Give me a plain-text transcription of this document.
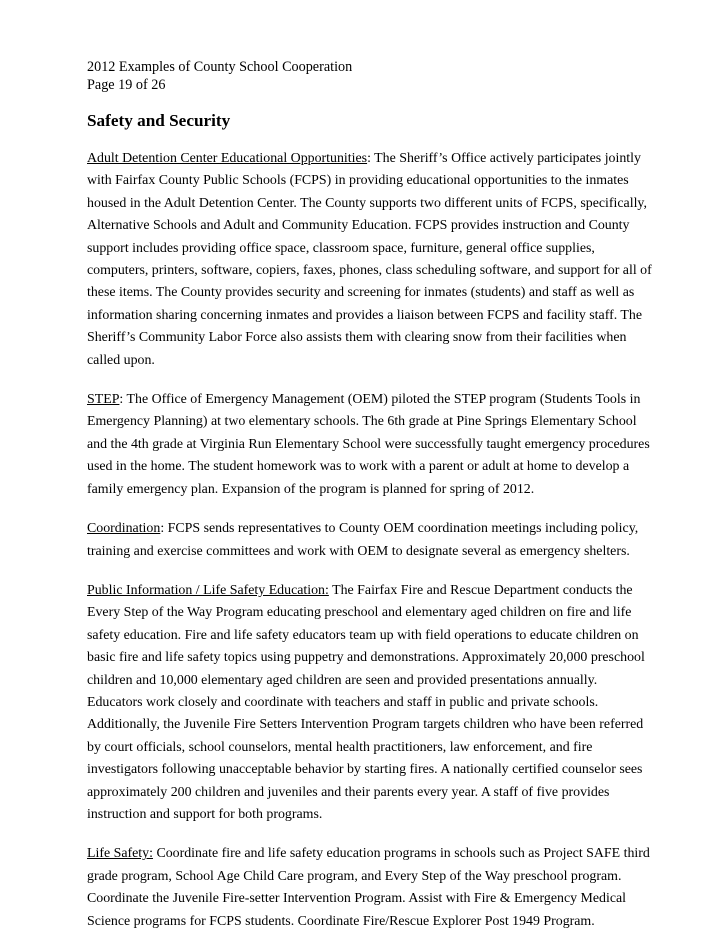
2012 Examples of County School Cooperation
Page 19 of 26
Safety and Security

Adult Detention Center Educational Opportunities: The Sheriff’s Office actively participates jointly with Fairfax County Public Schools (FCPS) in providing educational opportunities to the inmates housed in the Adult Detention Center. The County supports two different units of FCPS, specifically, Alternative Schools and Adult and Community Education. FCPS provides instruction and County support includes providing office space, classroom space, furniture, general office supplies, computers, printers, software, copiers, faxes, phones, class scheduling software, and support for all of these items. The County provides security and screening for inmates (students) and staff as well as information sharing concerning inmates and provides a liaison between FCPS and facility staff. The Sheriff’s Community Labor Force also assists them with clearing snow from their facilities when called upon.

STEP: The Office of Emergency Management (OEM) piloted the STEP program (Students Tools in Emergency Planning) at two elementary schools. The 6th grade at Pine Springs Elementary School and the 4th grade at Virginia Run Elementary School were successfully taught emergency procedures used in the home. The student homework was to work with a parent or adult at home to develop a family emergency plan. Expansion of the program is planned for spring of 2012.

Coordination: FCPS sends representatives to County OEM coordination meetings including policy, training and exercise committees and work with OEM to designate several as emergency shelters.

Public Information / Life Safety Education: The Fairfax Fire and Rescue Department conducts the Every Step of the Way Program educating preschool and elementary aged children on fire and life safety education. Fire and life safety educators team up with field operations to educate children on basic fire and life safety topics using puppetry and demonstrations. Approximately 20,000 preschool children and 10,000 elementary aged children are seen and provided presentations annually. Educators work closely and coordinate with teachers and staff in public and private schools. Additionally, the Juvenile Fire Setters Intervention Program targets children who have been referred by court officials, school counselors, mental health practitioners, law enforcement, and fire investigators following unacceptable behavior by starting fires. A nationally certified counselor sees approximately 200 children and juveniles and their parents every year. A staff of five provides instruction and support for both programs.

Life Safety: Coordinate fire and life safety education programs in schools such as Project SAFE third grade program, School Age Child Care program, and Every Step of the Way preschool program. Coordinate the Juvenile Fire-setter Intervention Program. Assist with Fire & Emergency Medical Science programs for FCPS students. Coordinate Fire/Rescue Explorer Post 1949 Program.
